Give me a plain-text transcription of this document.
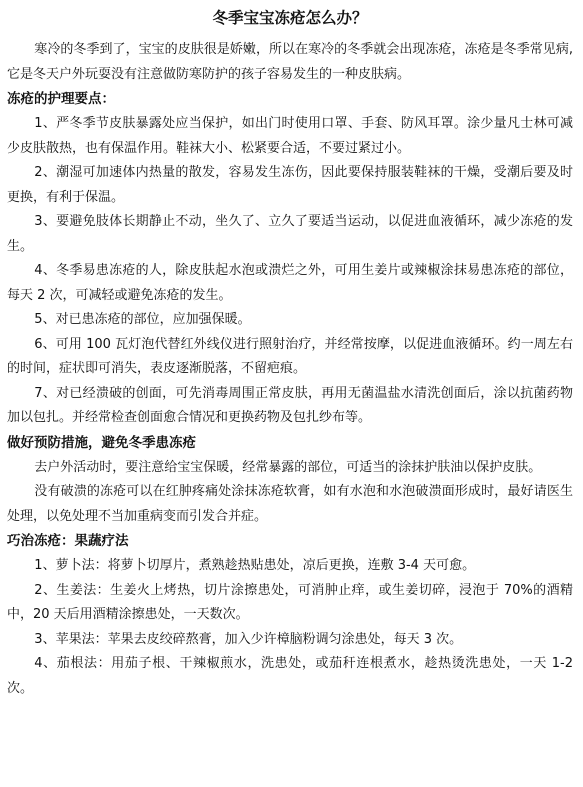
冬季宝宝冻疮怎么办？

寒冷的冬季到了，宝宝的皮肤很是娇嫩，所以在寒冷的冬季就会出现冻疮，冻疮是冬季常见病,它是冬天户外玩耍没有注意做防寒防护的孩子容易发生的一种皮肤病。

冻疮的护理要点：

1、严冬季节皮肤暴露处应当保护，如出门时使用口罩、手套、防风耳罩。涂少量凡士林可减少皮肤散热，也有保温作用。鞋袜大小、松紧要合适，不要过紧过小。

2、潮湿可加速体内热量的散发，容易发生冻伤，因此要保持服装鞋袜的干燥，受潮后要及时更换，有利于保温。

3、要避免肢体长期静止不动，坐久了、立久了要适当运动，以促进血液循环，减少冻疮的发生。

4、冬季易患冻疮的人，除皮肤起水泡或溃烂之外，可用生姜片或辣椒涂抹易患冻疮的部位，每天 2 次，可减轻或避免冻疮的发生。

5、对已患冻疮的部位，应加强保暖。

6、可用 100 瓦灯泡代替红外线仪进行照射治疗，并经常按摩，以促进血液循环。约一周左右的时间，症状即可消失，表皮逐渐脱落，不留疤痕。

7、对已经溃破的创面，可先消毒周围正常皮肤，再用无菌温盐水清洗创面后，涂以抗菌药物加以包扎。并经常检查创面愈合情况和更换药物及包扎纱布等。

做好预防措施，避免冬季患冻疮

去户外活动时，要注意给宝宝保暖，经常暴露的部位，可适当的涂抹护肤油以保护皮肤。

没有破溃的冻疮可以在红肿疼痛处涂抹冻疮软膏，如有水泡和水泡破溃面形成时，最好请医生处理，以免处理不当加重病变而引发合并症。

巧治冻疮：果蔬疗法

1、萝卜法：将萝卜切厚片，煮熟趁热贴患处，凉后更换，连敷 3-4 天可愈。

2、生姜法：生姜火上烤热，切片涂擦患处，可消肿止痒，或生姜切碎，浸泡于 70%的酒精中，20 天后用酒精涂擦患处，一天数次。

3、苹果法：苹果去皮绞碎熬膏，加入少许樟脑粉调匀涂患处，每天 3 次。

4、茄根法：用茄子根、干辣椒煎水，洗患处，或茄秆连根煮水，趁热烫洗患处，一天 1-2 次。
